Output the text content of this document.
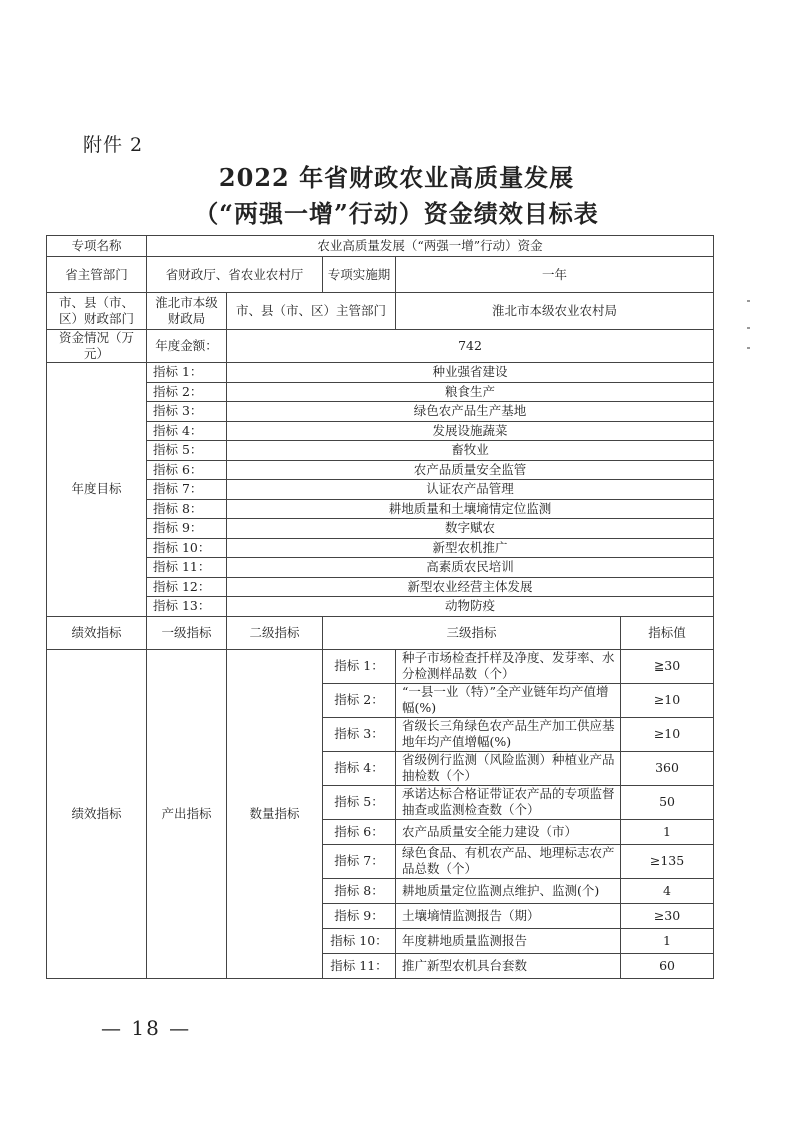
附件 2
2022 年省财政农业高质量发展
（“两强一增”行动）资金绩效目标表
专项名称	农业高质量发展（“两强一增”行动）资金				
省主管部门	省财政厅、省农业农村厅		专项实施期	一年	
市、县（市、区）财政部门	淮北市本级财政局	市、县（市、区）主管部门		淮北市本级农业农村局	
资金情况（万元）	年度金额：	742			
年度目标	指标 1：	种业强省建设			
	指标 2：	粮食生产			
	指标 3：	绿色农产品生产基地			
	指标 4：	发展设施蔬菜			
	指标 5：	畜牧业			
	指标 6：	农产品质量安全监管			
	指标 7：	认证农产品管理			
	指标 8：	耕地质量和土壤墒情定位监测			
	指标 9：	数字赋农			
	指标 10：	新型农机推广			
	指标 11：	高素质农民培训			
	指标 12：	新型农业经营主体发展			
	指标 13：	动物防疫			
绩效指标	一级指标	二级指标	三级指标		指标值
绩效指标	产出指标	数量指标	指标 1：	种子市场检查扦样及净度、发芽率、水分检测样品数（个）	≧30
			指标 2：	“一县一业（特）”全产业链年均产值增幅(%)	≥10
			指标 3：	省级长三角绿色农产品生产加工供应基地年均产值增幅(%)	≥10
			指标 4：	省级例行监测（风险监测）种植业产品抽检数（个）	360
			指标 5：	承诺达标合格证带证农产品的专项监督抽查或监测检查数（个）	50
			指标 6：	农产品质量安全能力建设（市）	1
			指标 7：	绿色食品、有机农产品、地理标志农产品总数（个）	≥135
			指标 8：	耕地质量定位监测点维护、监测(个)	4
			指标 9：	土壤墒情监测报告（期）	≥30
			指标 10：	年度耕地质量监测报告	1
			指标 11：	推广新型农机具台套数	60
— 18 —
